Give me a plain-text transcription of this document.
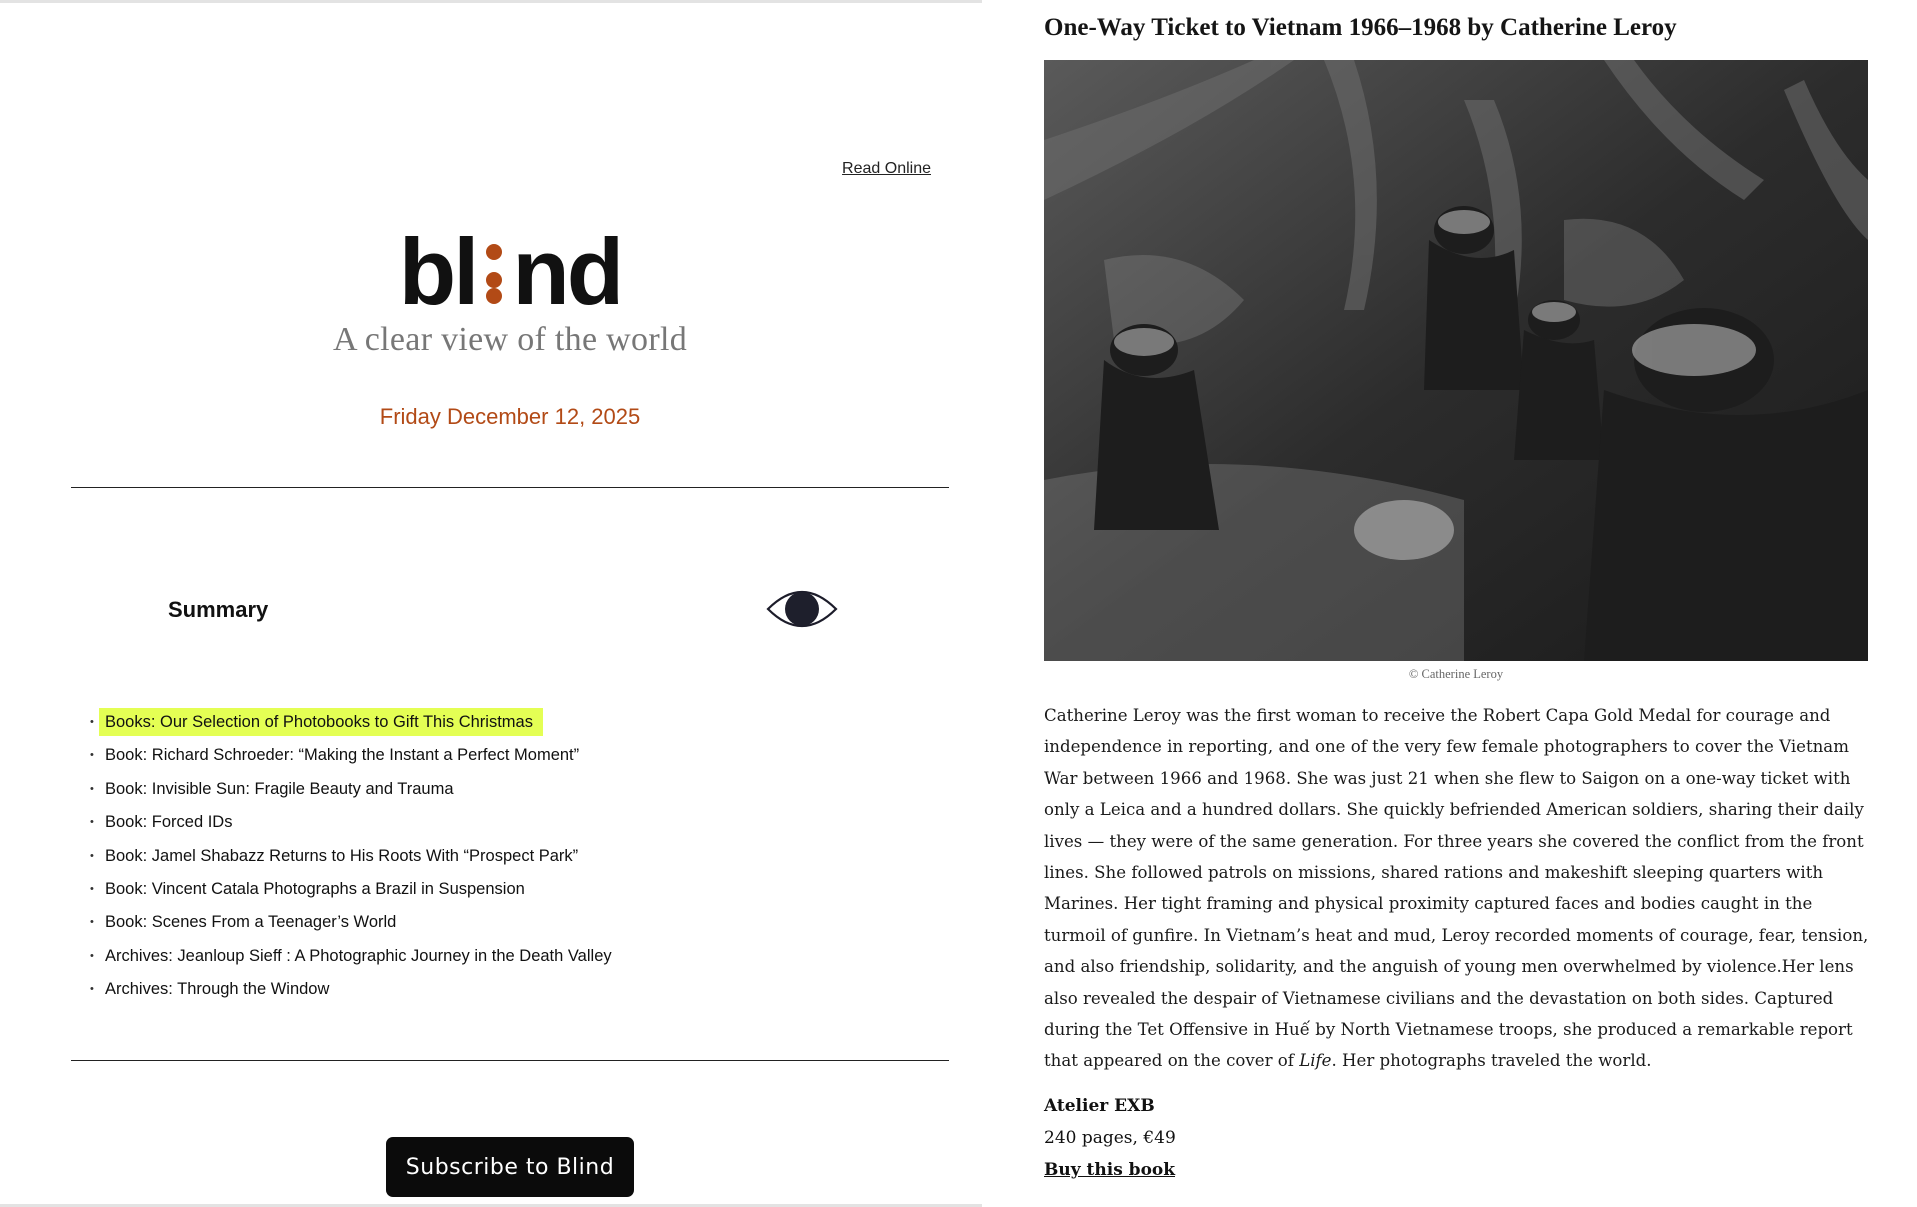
Read Online
bl nd
A clear view of the world
Friday December 12, 2025
Summary
• Books: Our Selection of Photobooks to Gift This Christmas
• Book: Richard Schroeder: “Making the Instant a Perfect Moment”
• Book: Invisible Sun: Fragile Beauty and Trauma
• Book: Forced IDs
• Book: Jamel Shabazz Returns to His Roots With “Prospect Park”
• Book: Vincent Catala Photographs a Brazil in Suspension
• Book: Scenes From a Teenager’s World
• Archives: Jeanloup Sieff : A Photographic Journey in the Death Valley
• Archives: Through the Window
Subscribe to Blind
One-Way Ticket to Vietnam 1966–1968 by Catherine Leroy
© Catherine Leroy

Catherine Leroy was the first woman to receive the Robert Capa Gold Medal for courage and independence in reporting, and one of the very few female photographers to cover the Vietnam War between 1966 and 1968. She was just 21 when she flew to Saigon on a one-way ticket with only a Leica and a hundred dollars. She quickly befriended American soldiers, sharing their daily lives — they were of the same generation. For three years she covered the conflict from the front lines. She followed patrols on missions, shared rations and makeshift sleeping quarters with Marines. Her tight framing and physical proximity captured faces and bodies caught in the turmoil of gunfire. In Vietnam’s heat and mud, Leroy recorded moments of courage, fear, tension, and also friendship, solidarity, and the anguish of young men overwhelmed by violence.Her lens also revealed the despair of Vietnamese civilians and the devastation on both sides. Captured during the Tet Offensive in Huế by North Vietnamese troops, she produced a remarkable report that appeared on the cover of Life. Her photographs traveled the world.

Atelier EXB
240 pages, €49
Buy this book
